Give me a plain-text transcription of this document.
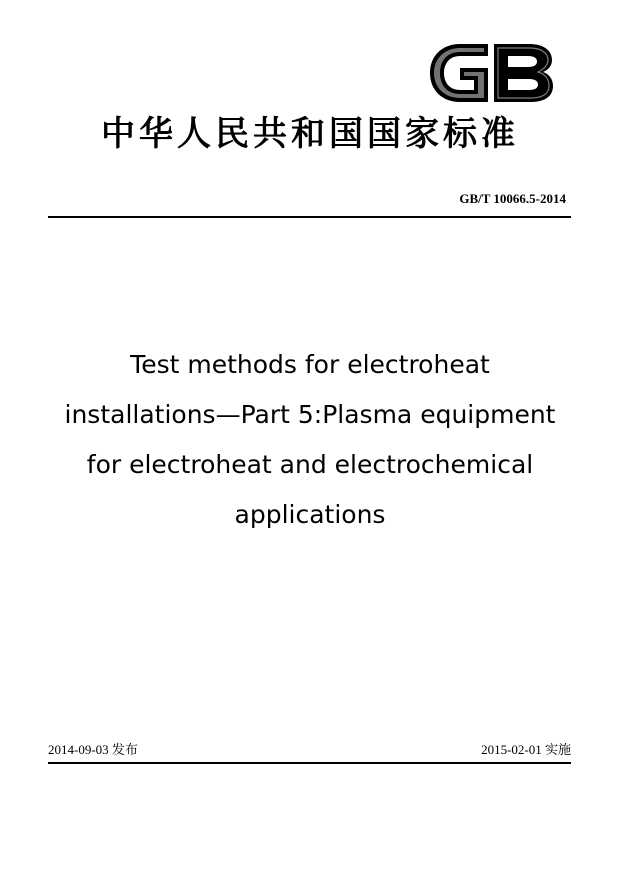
中华人民共和国国家标准
GB/T 10066.5-2014
Test methods for electroheat installations—Part 5:Plasma equipment for electroheat and electrochemical applications
2014-09-03 发布	2015-02-01 实施
